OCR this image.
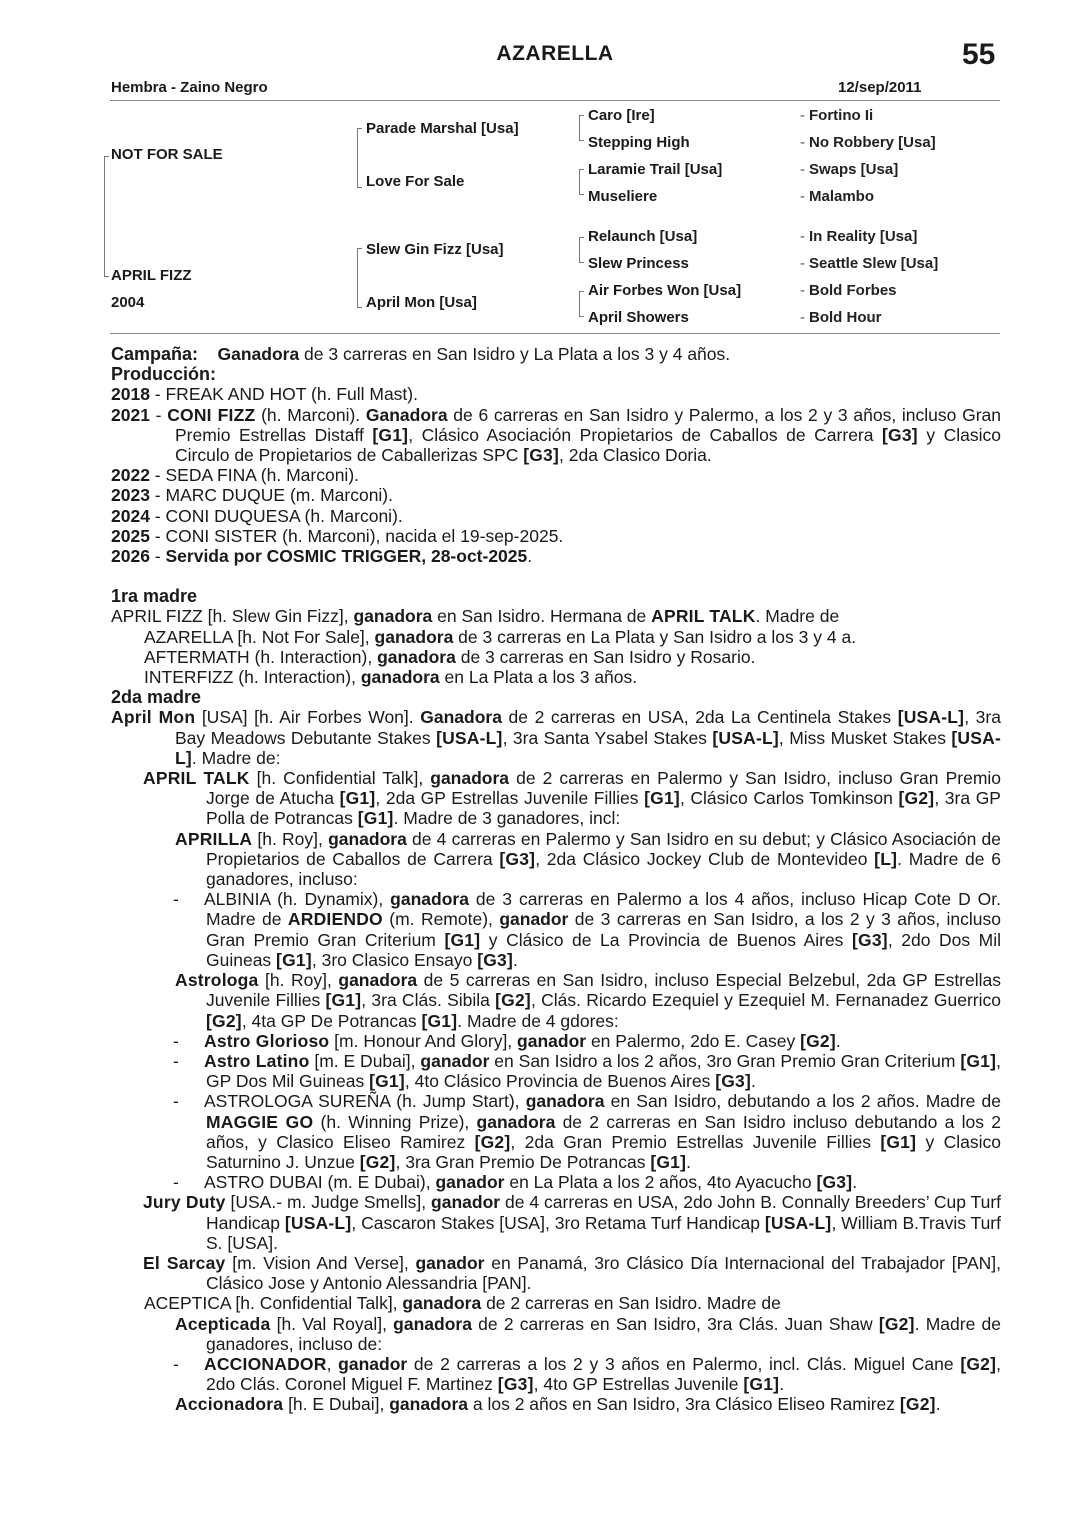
AZARELLA	55
Hembra - Zaino Negro	12/sep/2011
NOT FOR SALE
APRIL FIZZ
2004
Parade Marshal [Usa]
Love For Sale
Slew Gin Fizz [Usa]
April Mon [Usa]
Caro [Ire]
Stepping High
Laramie Trail [Usa]
Museliere
Relaunch [Usa]
Slew Princess
Air Forbes Won [Usa]
April Showers
- Fortino Ii
- No Robbery [Usa]
- Swaps [Usa]
- Malambo
- In Reality [Usa]
- Seattle Slew [Usa]
- Bold Forbes
- Bold Hour

Campaña: Ganadora de 3 carreras en San Isidro y La Plata a los 3 y 4 años.

Producción:

2018 - FREAK AND HOT (h. Full Mast).

2021 - CONI FIZZ (h. Marconi). Ganadora de 6 carreras en San Isidro y Palermo, a los 2 y 3 años, incluso Gran Premio Estrellas Distaff [G1], Clásico Asociación Propietarios de Caballos de Carrera [G3] y Clasico Circulo de Propietarios de Caballerizas SPC [G3], 2da Clasico Doria.

2022 - SEDA FINA (h. Marconi).

2023 - MARC DUQUE (m. Marconi).

2024 - CONI DUQUESA (h. Marconi).

2025 - CONI SISTER (h. Marconi), nacida el 19-sep-2025.

2026 - Servida por COSMIC TRIGGER, 28-oct-2025.

1ra madre

APRIL FIZZ [h. Slew Gin Fizz], ganadora en San Isidro. Hermana de APRIL TALK. Madre de

AZARELLA [h. Not For Sale], ganadora de 3 carreras en La Plata y San Isidro a los 3 y 4 a.

AFTERMATH (h. Interaction), ganadora de 3 carreras en San Isidro y Rosario.

INTERFIZZ (h. Interaction), ganadora en La Plata a los 3 años.

2da madre

April Mon [USA] [h. Air Forbes Won]. Ganadora de 2 carreras en USA, 2da La Centinela Stakes [USA-L], 3ra Bay Meadows Debutante Stakes [USA-L], 3ra Santa Ysabel Stakes [USA-L], Miss Musket Stakes [USA-L]. Madre de:

APRIL TALK [h. Confidential Talk], ganadora de 2 carreras en Palermo y San Isidro, incluso Gran Premio Jorge de Atucha [G1], 2da GP Estrellas Juvenile Fillies [G1], Clásico Carlos Tomkinson [G2], 3ra GP Polla de Potrancas [G1]. Madre de 3 ganadores, incl:

APRILLA [h. Roy], ganadora de 4 carreras en Palermo y San Isidro en su debut; y Clásico Asociación de Propietarios de Caballos de Carrera [G3], 2da Clásico Jockey Club de Montevideo [L]. Madre de 6 ganadores, incluso:

- ALBINIA (h. Dynamix), ganadora de 3 carreras en Palermo a los 4 años, incluso Hicap Cote D Or. Madre de ARDIENDO (m. Remote), ganador de 3 carreras en San Isidro, a los 2 y 3 años, incluso Gran Premio Gran Criterium [G1] y Clásico de La Provincia de Buenos Aires [G3], 2do Dos Mil Guineas [G1], 3ro Clasico Ensayo [G3].

Astrologa [h. Roy], ganadora de 5 carreras en San Isidro, incluso Especial Belzebul, 2da GP Estrellas Juvenile Fillies [G1], 3ra Clás. Sibila [G2], Clás. Ricardo Ezequiel y Ezequiel M. Fernanadez Guerrico [G2], 4ta GP De Potrancas [G1]. Madre de 4 gdores:

- Astro Glorioso [m. Honour And Glory], ganador en Palermo, 2do E. Casey [G2].

- Astro Latino [m. E Dubai], ganador en San Isidro a los 2 años, 3ro Gran Premio Gran Criterium [G1], GP Dos Mil Guineas [G1], 4to Clásico Provincia de Buenos Aires [G3].

- ASTROLOGA SUREÑA (h. Jump Start), ganadora en San Isidro, debutando a los 2 años. Madre de MAGGIE GO (h. Winning Prize), ganadora de 2 carreras en San Isidro incluso debutando a los 2 años, y Clasico Eliseo Ramirez [G2], 2da Gran Premio Estrellas Juvenile Fillies [G1] y Clasico Saturnino J. Unzue [G2], 3ra Gran Premio De Potrancas [G1].

- ASTRO DUBAI (m. E Dubai), ganador en La Plata a los 2 años, 4to Ayacucho [G3].

Jury Duty [USA.- m. Judge Smells], ganador de 4 carreras en USA, 2do John B. Connally Breeders’ Cup Turf Handicap [USA-L], Cascaron Stakes [USA], 3ro Retama Turf Handicap [USA-L], William B.Travis Turf S. [USA].

El Sarcay [m. Vision And Verse], ganador en Panamá, 3ro Clásico Día Internacional del Trabajador [PAN], Clásico Jose y Antonio Alessandria [PAN].

ACEPTICA [h. Confidential Talk], ganadora de 2 carreras en San Isidro. Madre de

Acepticada [h. Val Royal], ganadora de 2 carreras en San Isidro, 3ra Clás. Juan Shaw [G2]. Madre de ganadores, incluso de:

- ACCIONADOR, ganador de 2 carreras a los 2 y 3 años en Palermo, incl. Clás. Miguel Cane [G2], 2do Clás. Coronel Miguel F. Martinez [G3], 4to GP Estrellas Juvenile [G1].

Accionadora [h. E Dubai], ganadora a los 2 años en San Isidro, 3ra Clásico Eliseo Ramirez [G2].
